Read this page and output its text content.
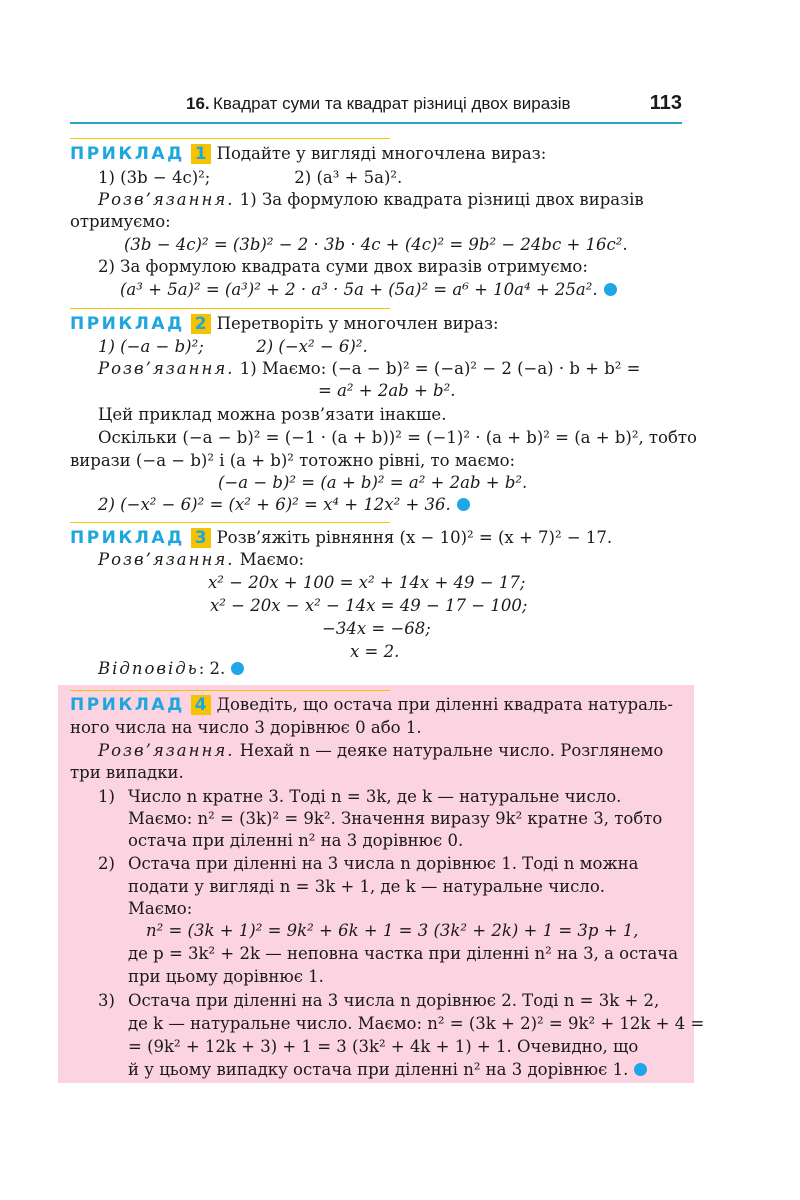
16. Квадрат суми та квадрат різниці двох виразів	113
ПРИКЛАД 1 Подайте у вигляді многочлена вираз:
1) (3b − 4c)²;                2) (a³ + 5a)².
Розв’язання. 1) За формулою квадрата різниці двох виразів
отримуємо:
(3b − 4c)² = (3b)² − 2 · 3b · 4c + (4c)² = 9b² − 24bc + 16c².
2) За формулою квадрата суми двох виразів отримуємо:
(a³ + 5a)² = (a³)² + 2 · a³ · 5a + (5a)² = a⁶ + 10a⁴ + 25a².
ПРИКЛАД 2 Перетворіть у многочлен вираз:
1) (−a − b)²;          2) (−x² − 6)².
Розв’язання. 1) Маємо: (−a − b)² = (−a)² − 2 (−a) · b + b² =
= a² + 2ab + b².
Цей приклад можна розв’язати інакше.
Оскільки (−a − b)² = (−1 · (a + b))² = (−1)² · (a + b)² = (a + b)², тобто
вирази (−a − b)² і (a + b)² тотожно рівні, то маємо:
(−a − b)² = (a + b)² = a² + 2ab + b².
2) (−x² − 6)² = (x² + 6)² = x⁴ + 12x² + 36.
ПРИКЛАД 3 Розв’яжіть рівняння (x − 10)² = (x + 7)² − 17.
Розв’язання. Маємо:
x² − 20x + 100 = x² + 14x + 49 − 17;
x² − 20x − x² − 14x = 49 − 17 − 100;
−34x = −68;
x = 2.
Відповідь: 2.
ПРИКЛАД 4 Доведіть, що остача при діленні квадрата натураль-
ного числа на число 3 дорівнює 0 або 1.
Розв’язання. Нехай n — деяке натуральне число. Розглянемо
три випадки.
1) Число n кратне 3. Тоді n = 3k, де k — натуральне число.
Маємо: n² = (3k)² = 9k². Значення виразу 9k² кратне 3, тобто
остача при діленні n² на 3 дорівнює 0.
2) Остача при діленні на 3 числа n дорівнює 1. Тоді n можна
подати у вигляді n = 3k + 1, де k — натуральне число.
Маємо:
n² = (3k + 1)² = 9k² + 6k + 1 = 3 (3k² + 2k) + 1 = 3p + 1,
де p = 3k² + 2k — неповна частка при діленні n² на 3, а остача
при цьому дорівнює 1.
3) Остача при діленні на 3 числа n дорівнює 2. Тоді n = 3k + 2,
де k — натуральне число. Маємо: n² = (3k + 2)² = 9k² + 12k + 4 =
= (9k² + 12k + 3) + 1 = 3 (3k² + 4k + 1) + 1. Очевидно, що
й у цьому випадку остача при діленні n² на 3 дорівнює 1.
